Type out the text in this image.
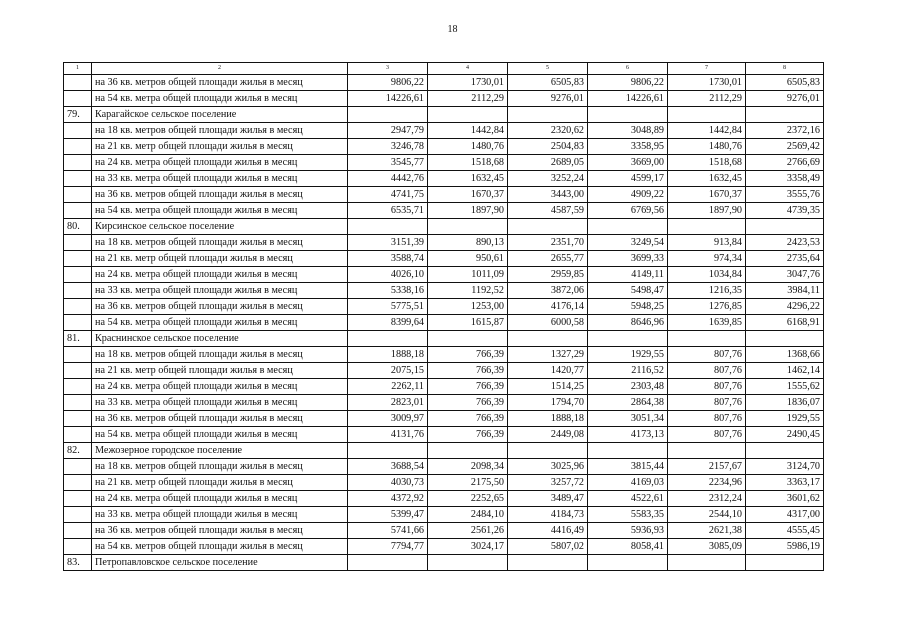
18
1	2	3	4	5	6	7	8
	на 36 кв. метров общей площади жилья в месяц	9806,22	1730,01	6505,83	9806,22	1730,01	6505,83
	на 54 кв. метра общей площади жилья в месяц	14226,61	2112,29	9276,01	14226,61	2112,29	9276,01
79.	Карагайское сельское поселение						
	на 18 кв. метров общей площади жилья в месяц	2947,79	1442,84	2320,62	3048,89	1442,84	2372,16
	на 21 кв. метр общей площади жилья в месяц	3246,78	1480,76	2504,83	3358,95	1480,76	2569,42
	на 24 кв. метра общей площади жилья в месяц	3545,77	1518,68	2689,05	3669,00	1518,68	2766,69
	на 33 кв. метра общей площади жилья в месяц	4442,76	1632,45	3252,24	4599,17	1632,45	3358,49
	на 36 кв. метров общей площади жилья в месяц	4741,75	1670,37	3443,00	4909,22	1670,37	3555,76
	на 54 кв. метра общей площади жилья в месяц	6535,71	1897,90	4587,59	6769,56	1897,90	4739,35
80.	Кирсинское сельское поселение						
	на 18 кв. метров общей площади жилья в месяц	3151,39	890,13	2351,70	3249,54	913,84	2423,53
	на 21 кв. метр общей площади жилья в месяц	3588,74	950,61	2655,77	3699,33	974,34	2735,64
	на 24 кв. метра общей площади жилья в месяц	4026,10	1011,09	2959,85	4149,11	1034,84	3047,76
	на 33 кв. метра общей площади жилья в месяц	5338,16	1192,52	3872,06	5498,47	1216,35	3984,11
	на 36 кв. метров общей площади жилья в месяц	5775,51	1253,00	4176,14	5948,25	1276,85	4296,22
	на 54 кв. метра общей площади жилья в месяц	8399,64	1615,87	6000,58	8646,96	1639,85	6168,91
81.	Краснинское сельское поселение						
	на 18 кв. метров общей площади жилья в месяц	1888,18	766,39	1327,29	1929,55	807,76	1368,66
	на 21 кв. метр общей площади жилья в месяц	2075,15	766,39	1420,77	2116,52	807,76	1462,14
	на 24 кв. метра общей площади жилья в месяц	2262,11	766,39	1514,25	2303,48	807,76	1555,62
	на 33 кв. метра общей площади жилья в месяц	2823,01	766,39	1794,70	2864,38	807,76	1836,07
	на 36 кв. метров общей площади жилья в месяц	3009,97	766,39	1888,18	3051,34	807,76	1929,55
	на 54 кв. метра общей площади жилья в месяц	4131,76	766,39	2449,08	4173,13	807,76	2490,45
82.	Межозерное городское поселение						
	на 18 кв. метров общей площади жилья в месяц	3688,54	2098,34	3025,96	3815,44	2157,67	3124,70
	на 21 кв. метр общей площади жилья в месяц	4030,73	2175,50	3257,72	4169,03	2234,96	3363,17
	на 24 кв. метра общей площади жилья в месяц	4372,92	2252,65	3489,47	4522,61	2312,24	3601,62
	на 33 кв. метра общей площади жилья в месяц	5399,47	2484,10	4184,73	5583,35	2544,10	4317,00
	на 36 кв. метров общей площади жилья в месяц	5741,66	2561,26	4416,49	5936,93	2621,38	4555,45
	на 54 кв. метров общей площади жилья в месяц	7794,77	3024,17	5807,02	8058,41	3085,09	5986,19
83.	Петропавловское сельское поселение						
